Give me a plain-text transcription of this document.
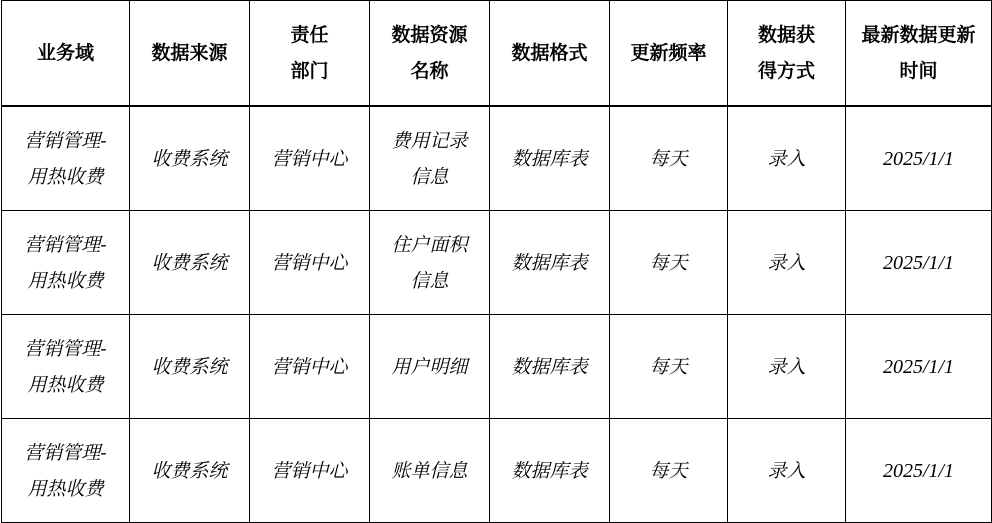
业务域	数据来源	责任部门	数据资源名称	数据格式	更新频率	数据获得方式	最新数据更新时间
营销管理-用热收费	收费系统	营销中心	费用记录信息	数据库表	每天	录入	2025/1/1
营销管理-用热收费	收费系统	营销中心	住户面积信息	数据库表	每天	录入	2025/1/1
营销管理-用热收费	收费系统	营销中心	用户明细	数据库表	每天	录入	2025/1/1
营销管理-用热收费	收费系统	营销中心	账单信息	数据库表	每天	录入	2025/1/1
